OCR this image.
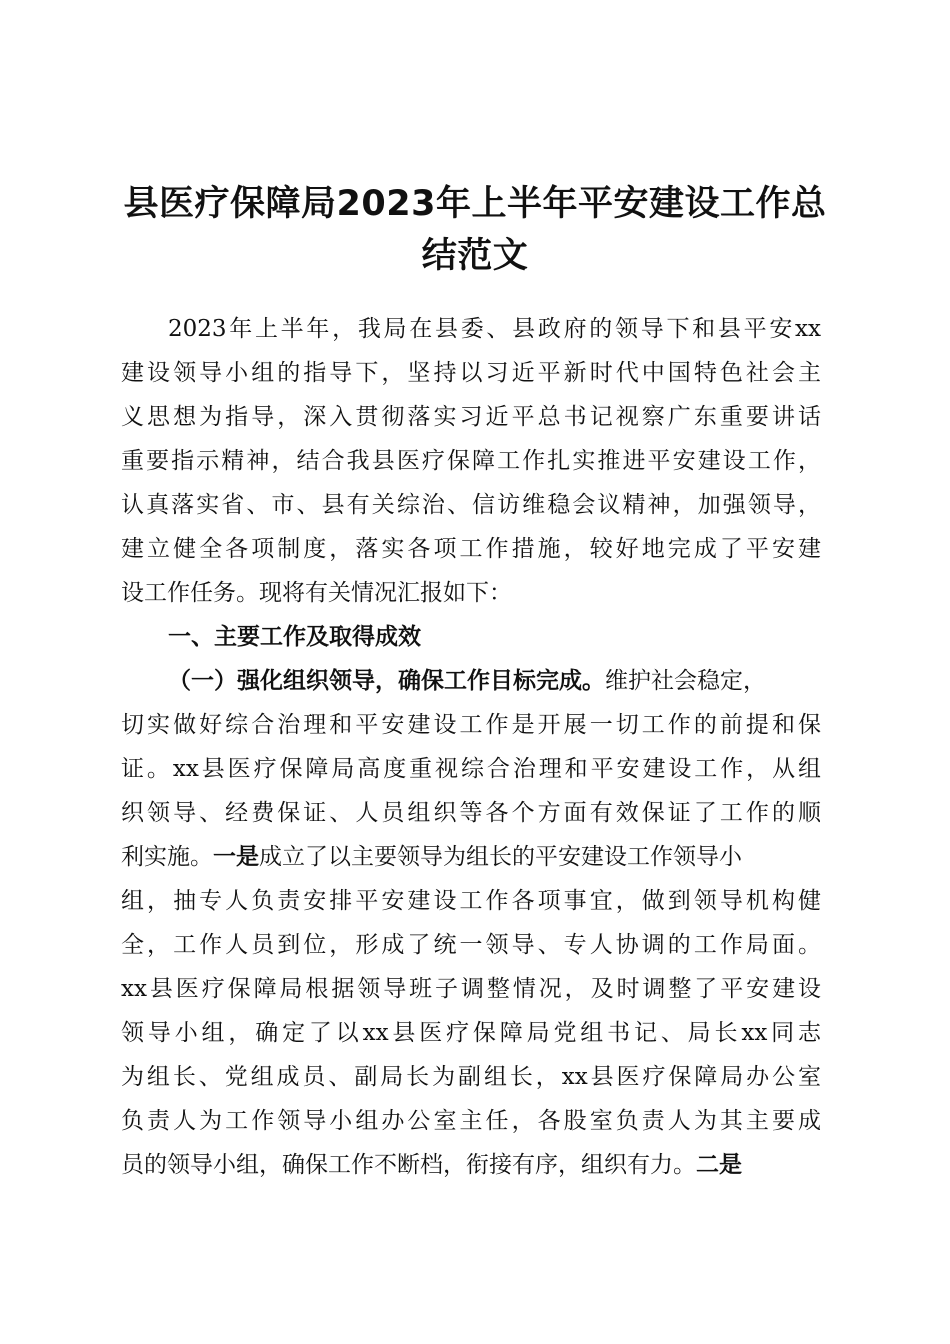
县医疗保障局2023年上半年平安建设工作总
结范文
2023年上半年，我局在县委、县政府的领导下和县平安xx
建设领导小组的指导下，坚持以习近平新时代中国特色社会主
义思想为指导，深入贯彻落实习近平总书记视察广东重要讲话
重要指示精神，结合我县医疗保障工作扎实推进平安建设工作，
认真落实省、市、县有关综治、信访维稳会议精神，加强领导，
建立健全各项制度，落实各项工作措施，较好地完成了平安建
设工作任务。现将有关情况汇报如下：
一、主要工作及取得成效
（一）强化组织领导，确保工作目标完成。维护社会稳定，
切实做好综合治理和平安建设工作是开展一切工作的前提和保
证。xx县医疗保障局高度重视综合治理和平安建设工作，从组
织领导、经费保证、人员组织等各个方面有效保证了工作的顺
利实施。一是成立了以主要领导为组长的平安建设工作领导小
组，抽专人负责安排平安建设工作各项事宜，做到领导机构健
全，工作人员到位，形成了统一领导、专人协调的工作局面。
xx县医疗保障局根据领导班子调整情况，及时调整了平安建设
领导小组，确定了以xx县医疗保障局党组书记、局长xx同志
为组长、党组成员、副局长为副组长，xx县医疗保障局办公室
负责人为工作领导小组办公室主任，各股室负责人为其主要成
员的领导小组，确保工作不断档，衔接有序，组织有力。二是
